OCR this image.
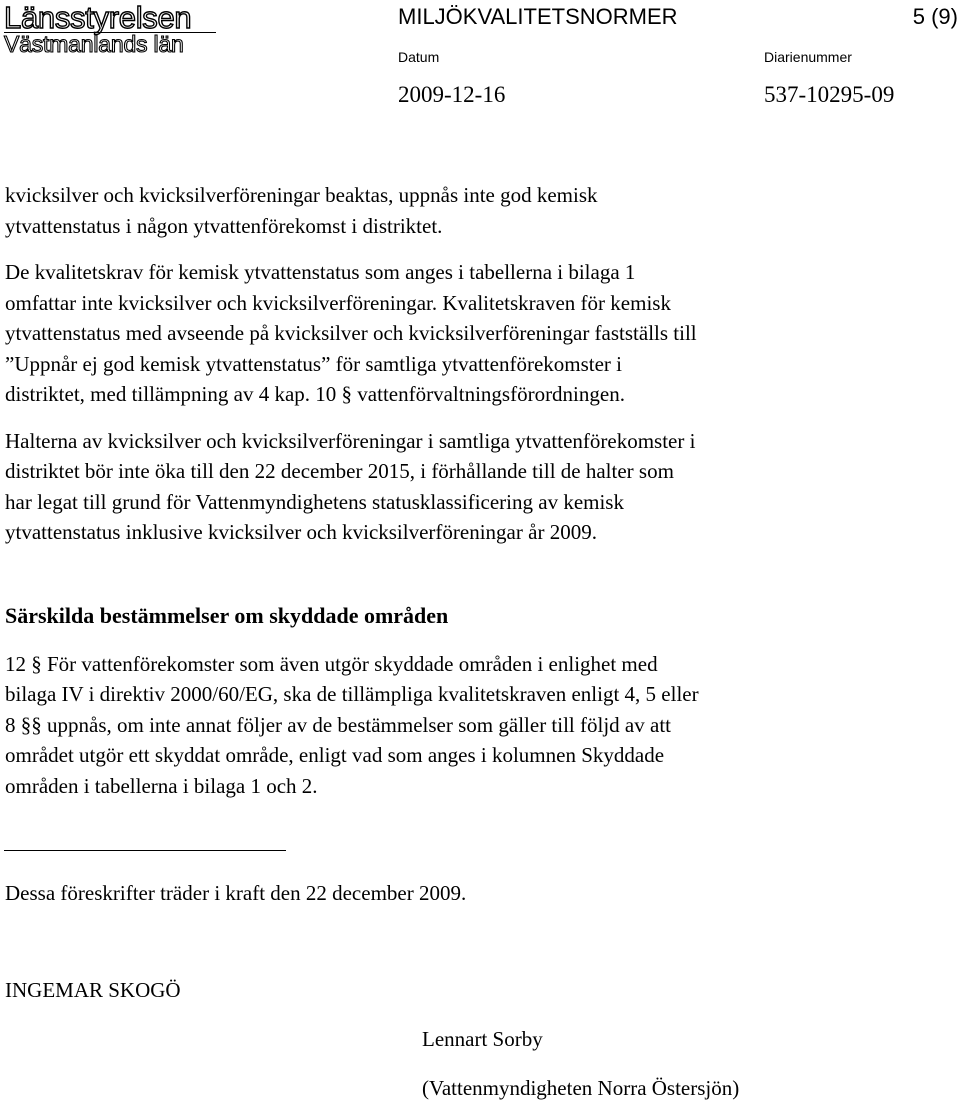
Länsstyrelsen
Västmanlands län
MILJÖKVALITETSNORMER	5 (9)
Datum	Diarienummer
2009-12-16	537-10295-09
kvicksilver och kvicksilverföreningar beaktas, uppnås inte god kemisk
ytvattenstatus i någon ytvattenförekomst i distriktet.
De kvalitetskrav för kemisk ytvattenstatus som anges i tabellerna i bilaga 1
omfattar inte kvicksilver och kvicksilverföreningar. Kvalitetskraven för kemisk
ytvattenstatus med avseende på kvicksilver och kvicksilverföreningar fastställs till
”Uppnår ej god kemisk ytvattenstatus” för samtliga ytvattenförekomster i
distriktet, med tillämpning av 4 kap. 10 § vattenförvaltningsförordningen.
Halterna av kvicksilver och kvicksilverföreningar i samtliga ytvattenförekomster i
distriktet bör inte öka till den 22 december 2015, i förhållande till de halter som
har legat till grund för Vattenmyndighetens statusklassificering av kemisk
ytvattenstatus inklusive kvicksilver och kvicksilverföreningar år 2009.
Särskilda bestämmelser om skyddade områden
12 § För vattenförekomster som även utgör skyddade områden i enlighet med
bilaga IV i direktiv 2000/60/EG, ska de tillämpliga kvalitetskraven enligt 4, 5 eller
8 §§ uppnås, om inte annat följer av de bestämmelser som gäller till följd av att
området utgör ett skyddat område, enligt vad som anges i kolumnen Skyddade
områden i tabellerna i bilaga 1 och 2.
Dessa föreskrifter träder i kraft den 22 december 2009.
INGEMAR SKOGÖ
Lennart Sorby
(Vattenmyndigheten Norra Östersjön)
